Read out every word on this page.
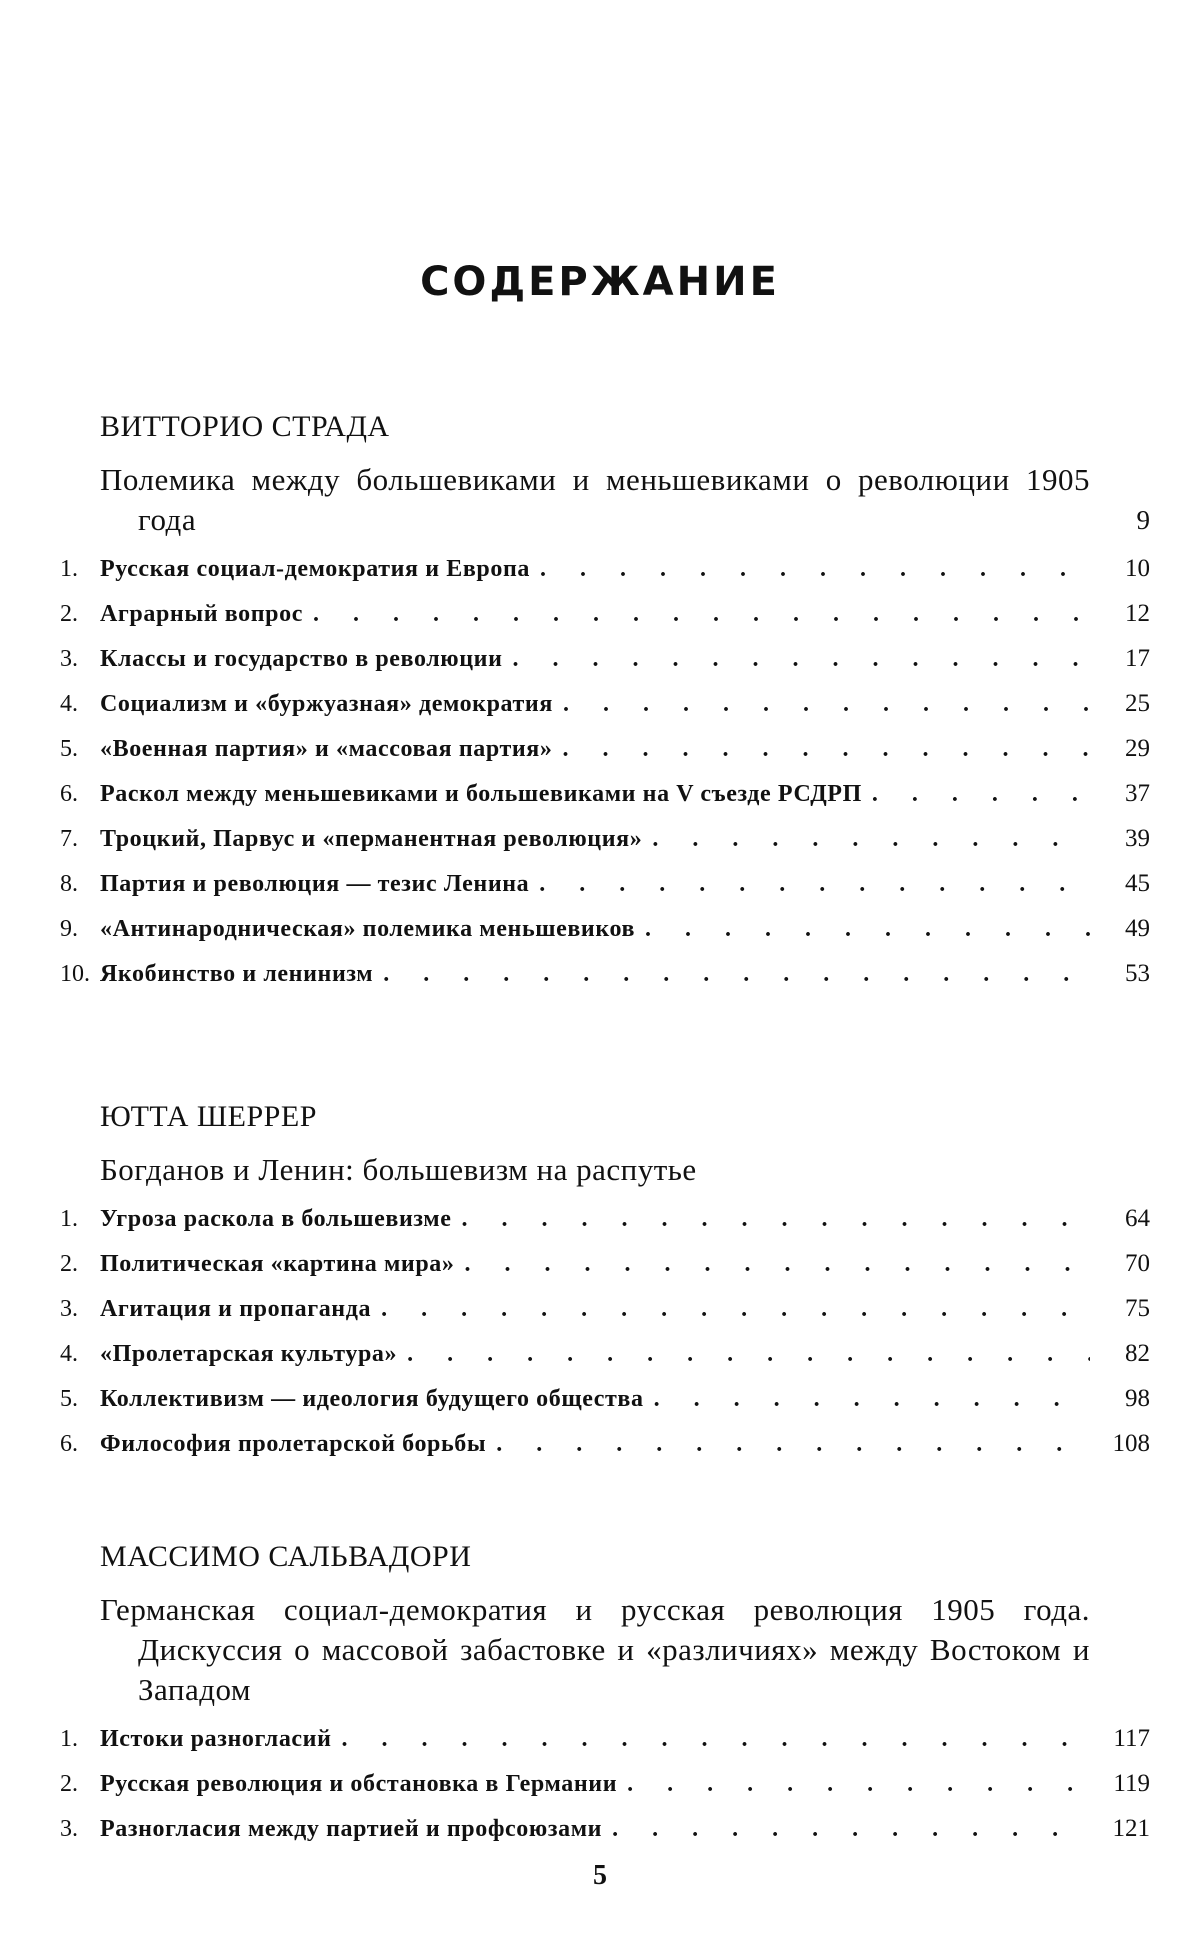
СОДЕРЖАНИЕ
ВИТТОРИО СТРАДА
Полемика между большевиками и меньшевиками о революции 1905 года	9
1. Русская социал-демократия и Европа . . .	10
2. Аграрный вопрос . . .	12
3. Классы и государство в революции . . .	17
4. Социализм и «буржуазная» демократия . . .	25
5. «Военная партия» и «массовая партия» . . .	29
6. Раскол между меньшевиками и большевиками на V съезде РСДРП . . .	37
7. Троцкий, Парвус и «перманентная революция» . . .	39
8. Партия и революция — тезис Ленина . . .	45
9. «Антинародническая» полемика меньшевиков . . .	49
10. Якобинство и ленинизм . . .	53
ЮТТА ШЕРРЕР
Богданов и Ленин: большевизм на распутье
1. Угроза раскола в большевизме . . .	64
2. Политическая «картина мира» . . .	70
3. Агитация и пропаганда . . .	75
4. «Пролетарская культура» . . .	82
5. Коллективизм — идеология будущего общества . . .	98
6. Философия пролетарской борьбы . . .	108
МАССИМО САЛЬВАДОРИ
Германская социал-демократия и русская революция 1905 года. Дискуссия о массовой забастовке и «различиях» между Востоком и Западом
1. Истоки разногласий . . .	117
2. Русская революция и обстановка в Германии . . .	119
3. Разногласия между партией и профсоюзами . . .	121
5
